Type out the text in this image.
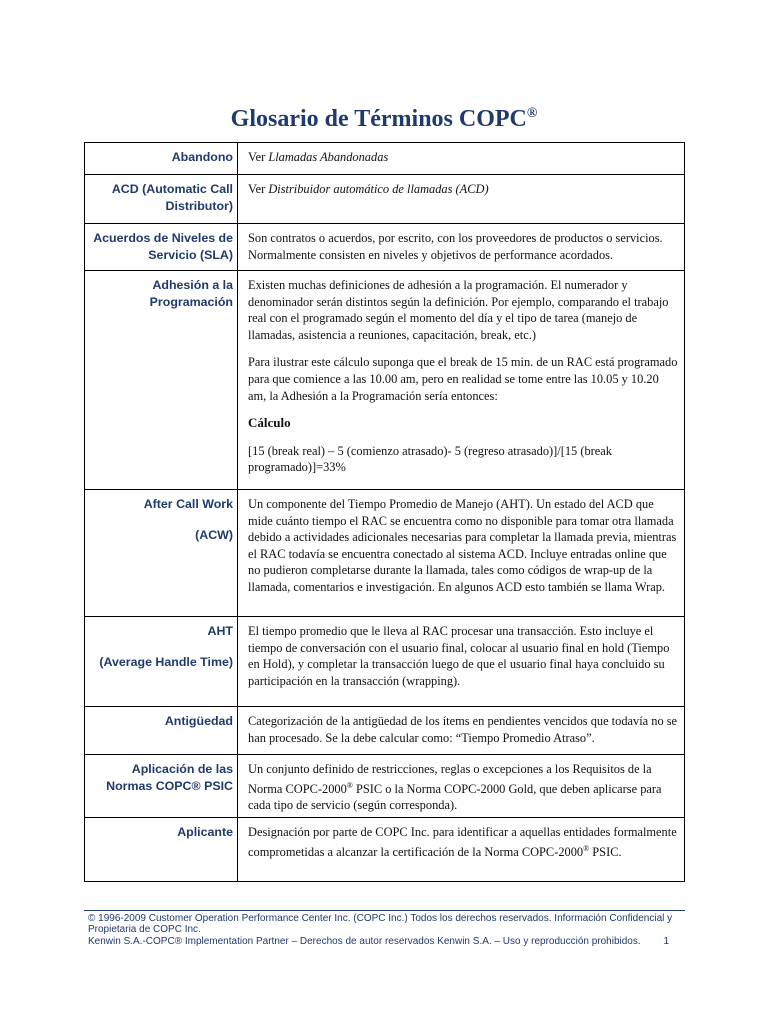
Glosario de Términos COPC®
Abandono	Ver Llamadas Abandonadas
ACD (Automatic Call Distributor)	Ver Distribuidor automático de llamadas (ACD)
Acuerdos de Niveles de Servicio (SLA)	Son contratos o acuerdos, por escrito, con los proveedores de productos o servicios. Normalmente consisten en niveles y objetivos de performance acordados.
Adhesión a la Programación	Existen muchas definiciones de adhesión a la programación. El numerador y denominador serán distintos según la definición. Por ejemplo, comparando el trabajo real con el programado según el momento del día y el tipo de tarea (manejo de llamadas, asistencia a reuniones, capacitación, break, etc.)

Para ilustrar este cálculo suponga que el break de 15 min. de un RAC está programado para que comience a las 10.00 am, pero en realidad se tome entre las 10.05 y 10.20 am, la Adhesión a la Programación sería entonces:

Cálculo

[15 (break real) – 5 (comienzo atrasado)- 5 (regreso atrasado)]/[15 (break programado)]=33%

After Call Work
(ACW)	Un componente del Tiempo Promedio de Manejo (AHT). Un estado del ACD que mide cuánto tiempo el RAC se encuentra como no disponible para tomar otra llamada debido a actividades adicionales necesarias para completar la llamada previa, mientras el RAC todavía se encuentra conectado al sistema ACD. Incluye entradas online que no pudieron completarse durante la llamada, tales como códigos de wrap-up de la llamada, comentarios e investigación. En algunos ACD esto también se llama Wrap.
AHT
(Average Handle Time)	El tiempo promedio que le lleva al RAC procesar una transacción. Esto incluye el tiempo de conversación con el usuario final, colocar al usuario final en hold (Tiempo en Hold), y completar la transacción luego de que el usuario final haya concluido su participación en la transacción (wrapping).
Antigüedad	Categorización de la antigüedad de los ítems en pendientes vencidos que todavía no se han procesado. Se la debe calcular como: “Tiempo Promedio Atraso”.
Aplicación de las Normas COPC® PSIC	Un conjunto definido de restricciones, reglas o excepciones a los Requisitos de la Norma COPC-2000® PSIC o la Norma COPC-2000 Gold, que deben aplicarse para cada tipo de servicio (según corresponda).
Aplicante	Designación por parte de COPC Inc. para identificar a aquellas entidades formalmente comprometidas a alcanzar la certificación de la Norma COPC-2000® PSIC.
© 1996-2009 Customer Operation Performance Center Inc. (COPC Inc.) Todos los derechos reservados. Información Confidencial y Propietaria de COPC Inc.
Kenwin S.A.-COPC® Implementation Partner – Derechos de autor reservados Kenwin S.A. – Uso y reproducción prohibidos. 1
